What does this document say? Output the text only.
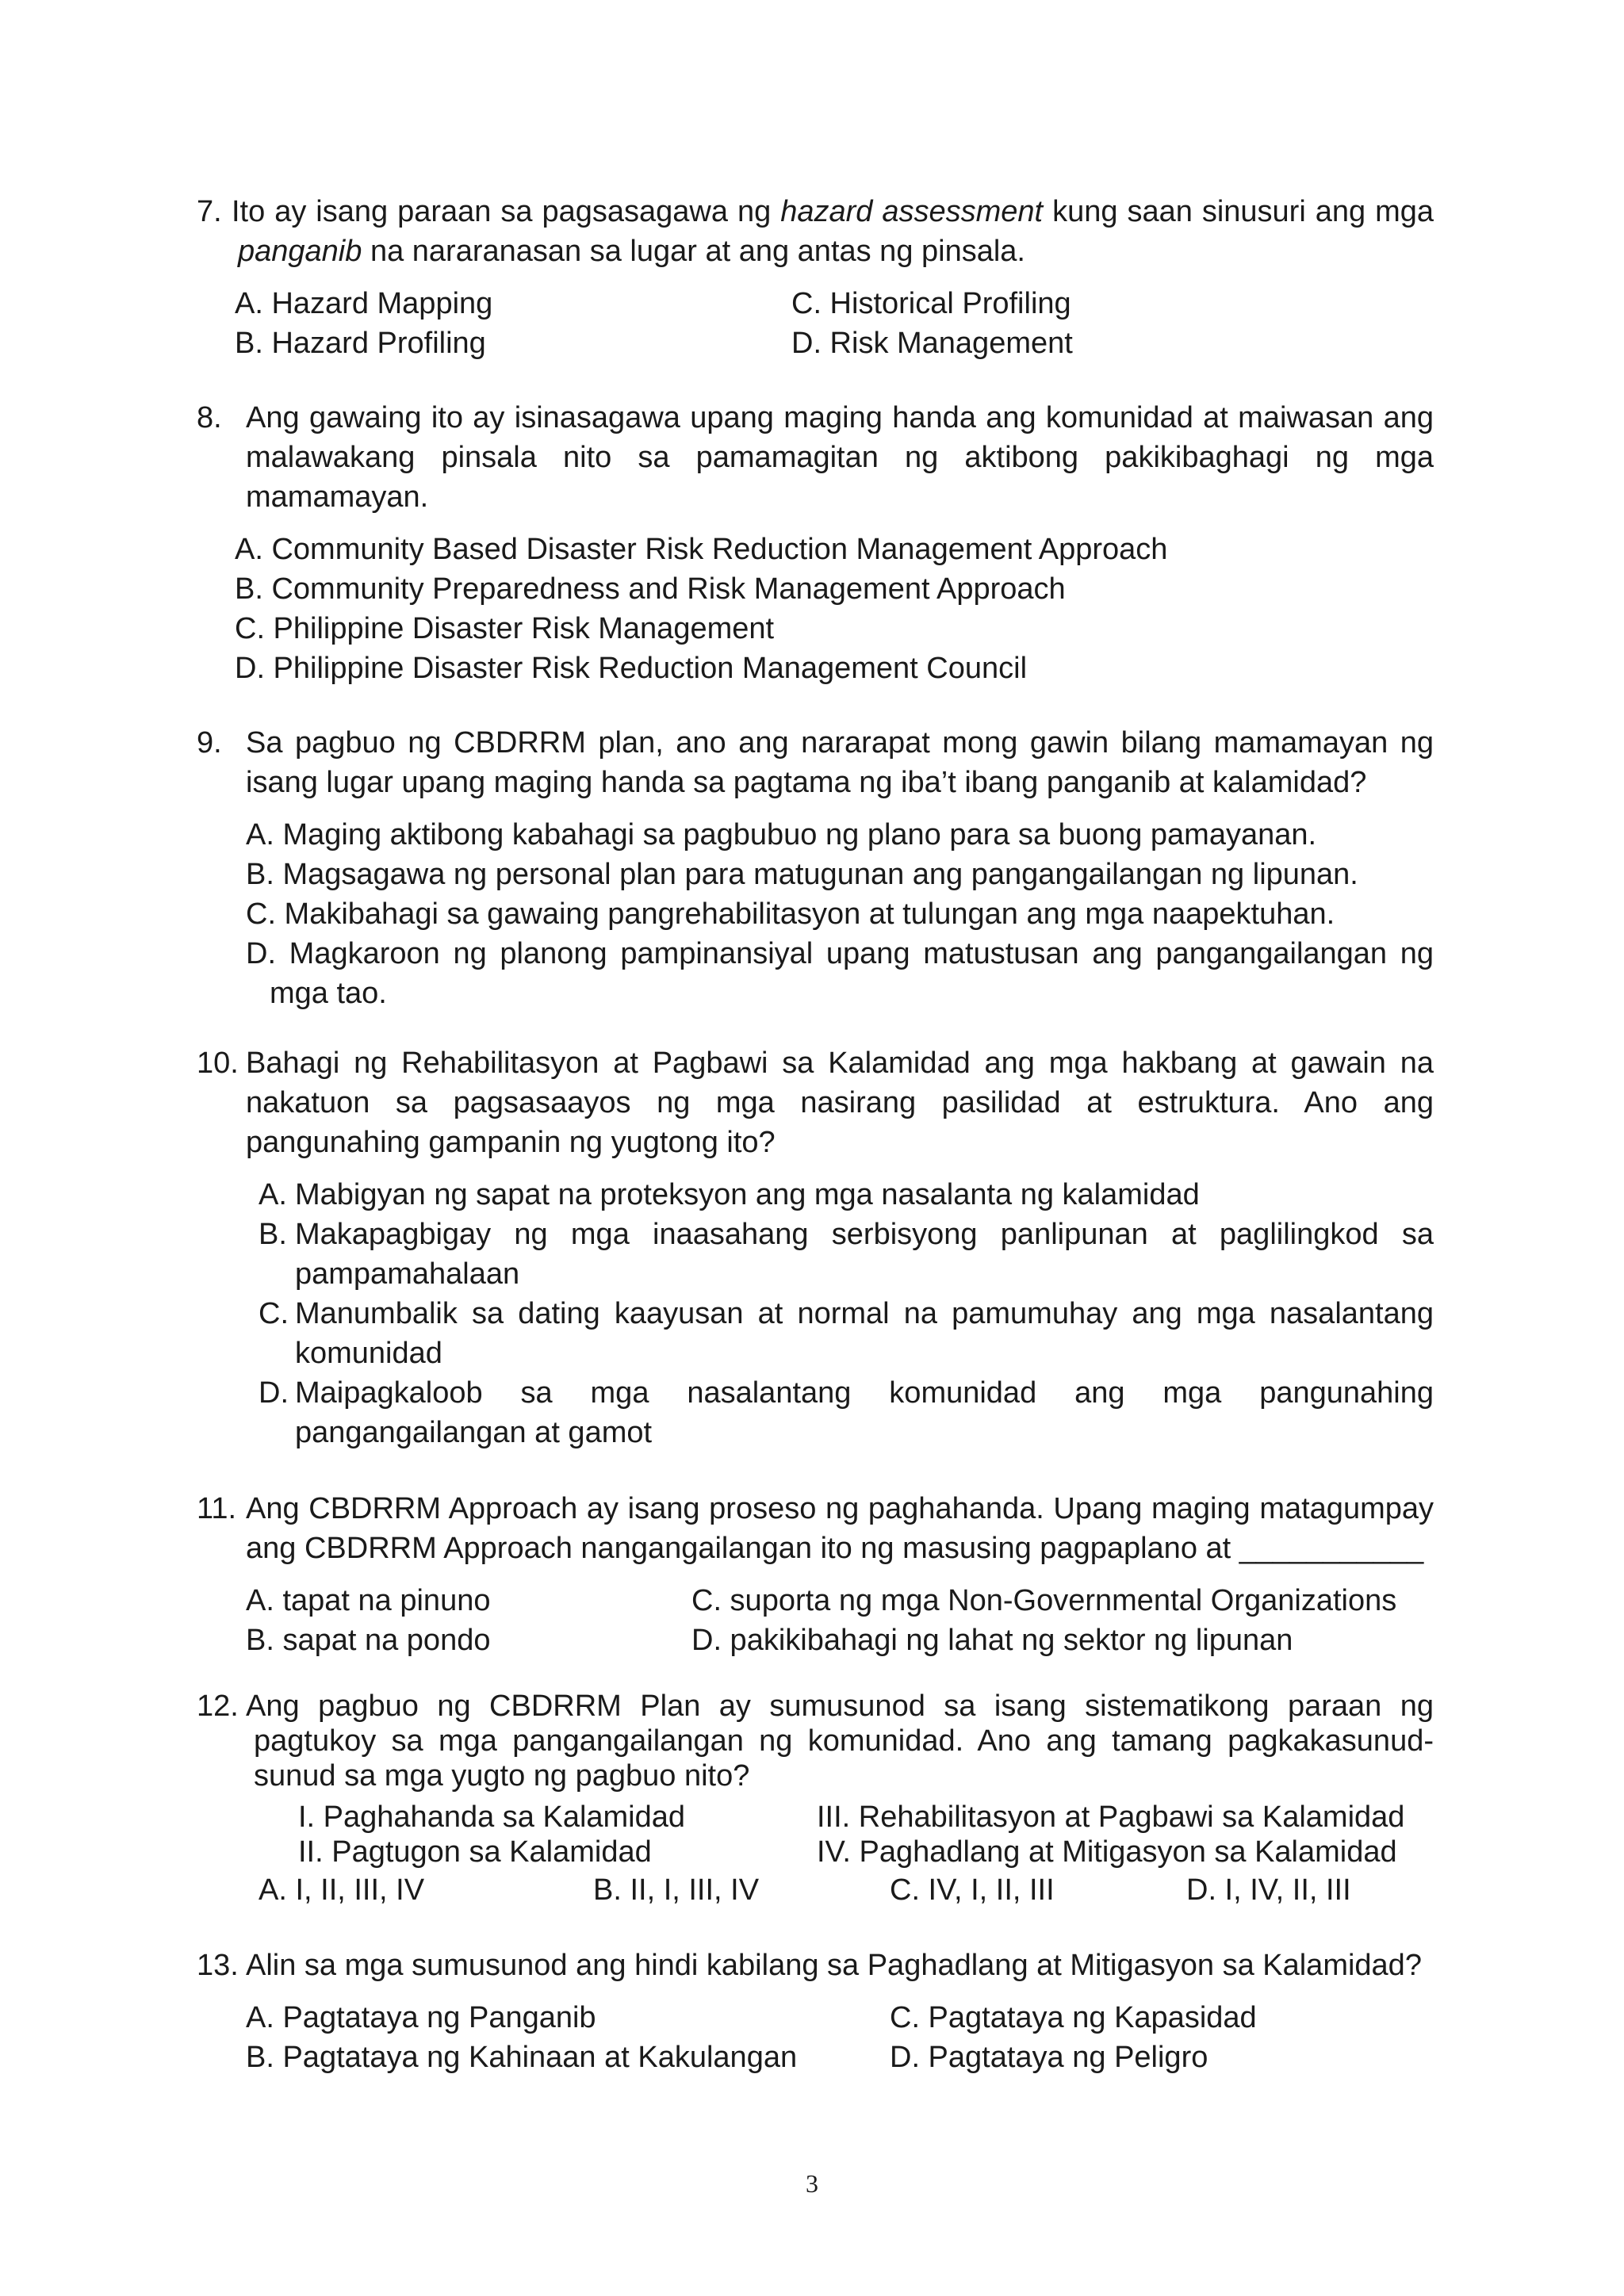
7. Ito ay isang paraan sa pagsasagawa ng hazard assessment kung saan sinusuri ang mga
panganib na nararanasan sa lugar at ang antas ng pinsala.
A. Hazard Mapping	C. Historical Profiling
B. Hazard Profiling	D. Risk Management
8. Ang gawaing ito ay isinasagawa upang maging handa ang komunidad at maiwasan ang malawakang pinsala nito sa pamamagitan ng aktibong pakikibaghagi ng mga mamamayan.
A. Community Based Disaster Risk Reduction Management Approach
B. Community Preparedness and Risk Management Approach
C. Philippine Disaster Risk Management
D. Philippine Disaster Risk Reduction Management Council
9. Sa pagbuo ng CBDRRM plan, ano ang nararapat mong gawin bilang mamamayan ng isang lugar upang maging handa sa pagtama ng iba’t ibang panganib at kalamidad?
A. Maging aktibong kabahagi sa pagbubuo ng plano para sa buong pamayanan.
B. Magsagawa ng personal plan para matugunan ang pangangailangan ng lipunan.
C. Makibahagi sa gawaing pangrehabilitasyon at tulungan ang mga naapektuhan.
D. Magkaroon ng planong pampinansiyal upang matustusan ang pangangailangan ng mga tao.
10. Bahagi ng Rehabilitasyon at Pagbawi sa Kalamidad ang mga hakbang at gawain na nakatuon sa pagsasaayos ng mga nasirang pasilidad at estruktura. Ano ang pangunahing gampanin ng yugtong ito?
A. Mabigyan ng sapat na proteksyon ang mga nasalanta ng kalamidad
B. Makapagbigay ng mga inaasahang serbisyong panlipunan at paglilingkod sa pampamahalaan
C. Manumbalik sa dating kaayusan at normal na pamumuhay ang mga nasalantang komunidad
D. Maipagkaloob sa mga nasalantang komunidad ang mga pangunahing pangangailangan at gamot
11. Ang CBDRRM Approach ay isang proseso ng paghahanda. Upang maging matagumpay ang CBDRRM Approach nangangailangan ito ng masusing pagpaplano at ___________
A. tapat na pinuno	C. suporta ng mga Non-Governmental Organizations
B. sapat na pondo	D. pakikibahagi ng lahat ng sektor ng lipunan
12. Ang pagbuo ng CBDRRM Plan ay sumusunod sa isang sistematikong paraan ng pagtukoy sa mga pangangailangan ng komunidad. Ano ang tamang pagkakasunud- sunud sa mga yugto ng pagbuo nito?
I. Paghahanda sa Kalamidad	III. Rehabilitasyon at Pagbawi sa Kalamidad
II. Pagtugon sa Kalamidad	IV. Paghadlang at Mitigasyon sa Kalamidad
A. I, II, III, IV	B. II, I, III, IV	C. IV, I, II, III	D. I, IV, II, III
13. Alin sa mga sumusunod ang hindi kabilang sa Paghadlang at Mitigasyon sa Kalamidad?
A. Pagtataya ng Panganib	C. Pagtataya ng Kapasidad
B. Pagtataya ng Kahinaan at Kakulangan	D. Pagtataya ng Peligro
3
